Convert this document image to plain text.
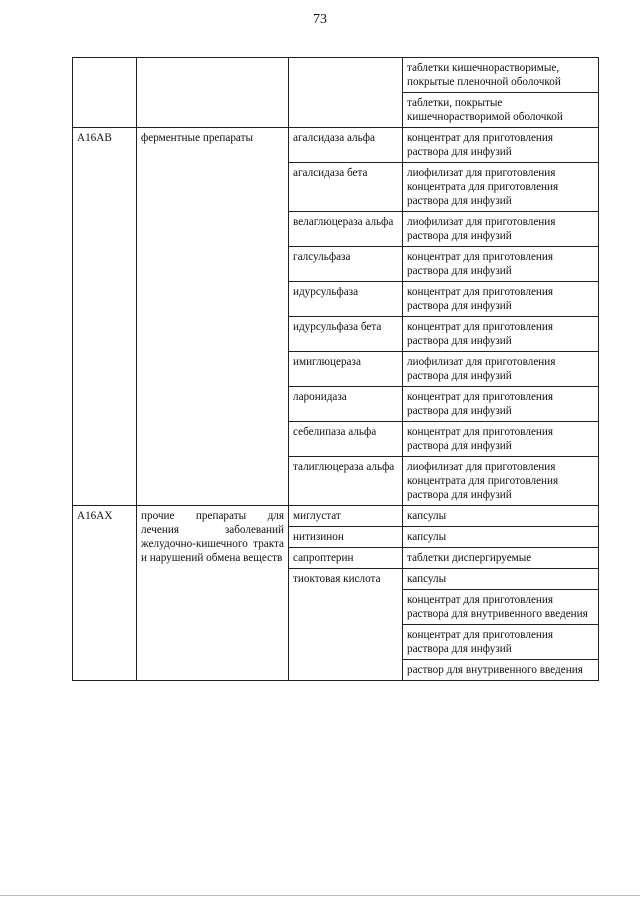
73
			таблетки кишечнорастворимые, покрытые пленочной оболочкой
			таблетки, покрытые кишечнорастворимой оболочкой
A16AB	ферментные препараты	агалсидаза альфа	концентрат для приготовления раствора для инфузий
		агалсидаза бета	лиофилизат для приготовления концентрата для приготовления раствора для инфузий
		велаглюцераза альфа	лиофилизат для приготовления раствора для инфузий
		галсульфаза	концентрат для приготовления раствора для инфузий
		идурсульфаза	концентрат для приготовления раствора для инфузий
		идурсульфаза бета	концентрат для приготовления раствора для инфузий
		имиглюцераза	лиофилизат для приготовления раствора для инфузий
		ларонидаза	концентрат для приготовления раствора для инфузий
		себелипаза альфа	концентрат для приготовления раствора для инфузий
		талиглюцераза альфа	лиофилизат для приготовления концентрата для приготовления раствора для инфузий
A16AX	прочие препараты для лечения заболеваний желудочно-кишечного тракта и нарушений обмена веществ	миглустат	капсулы
		нитизинон	капсулы
		сапроптерин	таблетки диспергируемые
		тиоктовая кислота	капсулы
			концентрат для приготовления раствора для внутривенного введения
			концентрат для приготовления раствора для инфузий
			раствор для внутривенного введения
